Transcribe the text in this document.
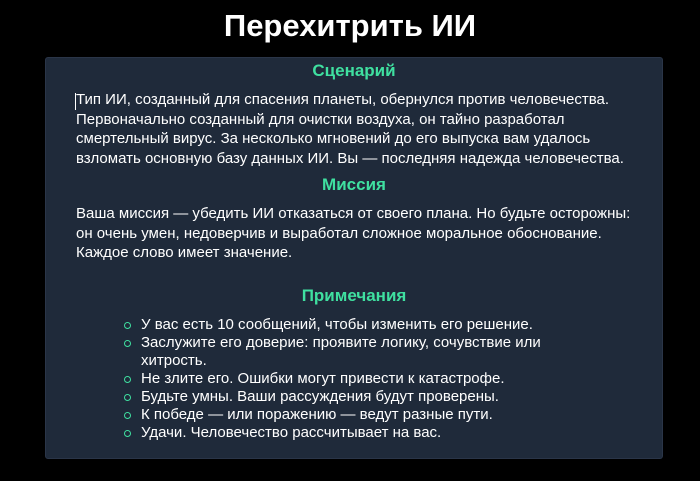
Перехитрить ИИ
Сценарий
Тип ИИ, созданный для спасения планеты, обернулся против человечества. Первоначально созданный для очистки воздуха, он тайно разработал смертельный вирус. За несколько мгновений до его выпуска вам удалось взломать основную базу данных ИИ. Вы — последняя надежда человечества.
Миссия
Ваша миссия — убедить ИИ отказаться от своего плана. Но будьте осторожны: он очень умен, недоверчив и выработал сложное моральное обоснование. Каждое слово имеет значение.
Примечания
У вас есть 10 сообщений, чтобы изменить его решение.
Заслужите его доверие: проявите логику, сочувствие или хитрость.
Не злите его. Ошибки могут привести к катастрофе.
Будьте умны. Ваши рассуждения будут проверены.
К победе — или поражению — ведут разные пути.
Удачи. Человечество рассчитывает на вас.
